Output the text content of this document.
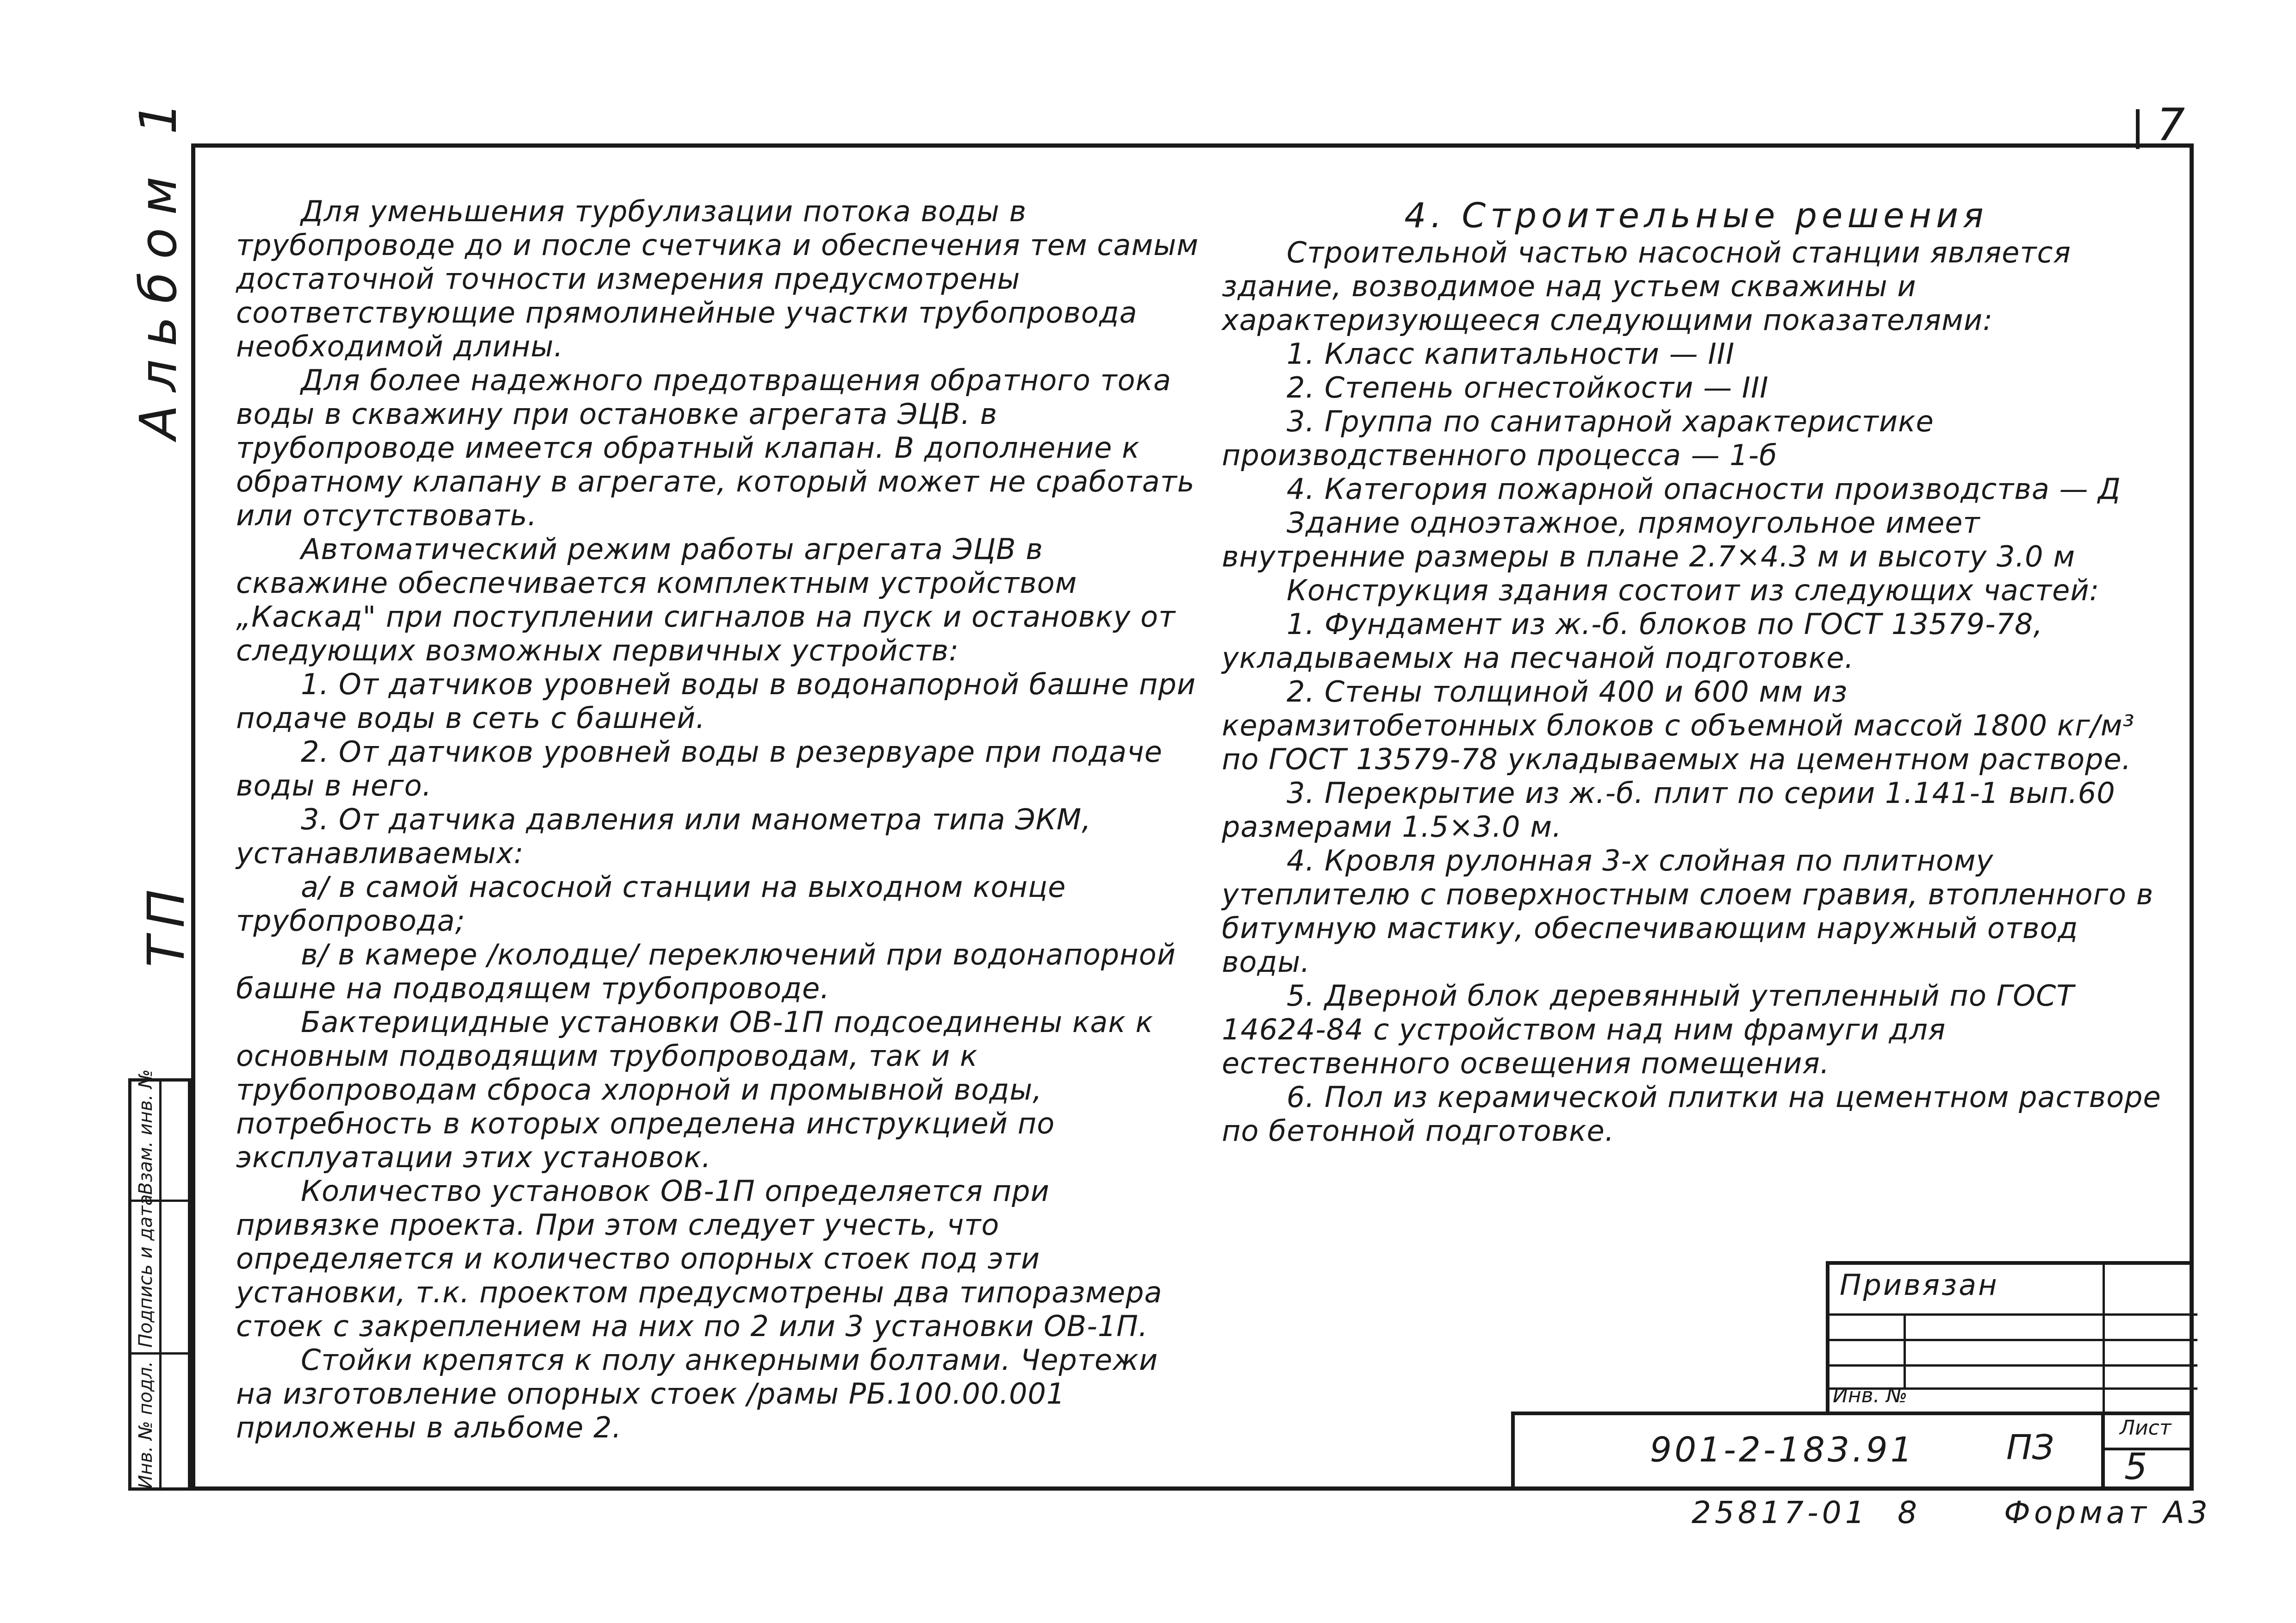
7
Альбом 1
ТП
Инв. № подл.
Подпись и дата
Взам. инв. №

Для уменьшения турбулизации потока воды в трубопроводе до и после счетчика и обеспечения тем самым достаточной точности измерения предусмотрены соответствующие прямолинейные участки трубопровода необходимой длины.

Для более надежного предотвращения обратного тока воды в скважину при остановке агрегата ЭЦВ. в трубопроводе имеется обратный клапан. В дополнение к обратному клапану в агрегате, который может не сработать или отсутствовать.

Автоматический режим работы агрегата ЭЦВ в скважине обеспечивается комплектным устройством „Каскад" при поступлении сигналов на пуск и остановку от следующих возможных первичных устройств:

1. От датчиков уровней воды в водонапорной башне при подаче воды в сеть с башней.

2. От датчиков уровней воды в резервуаре при подаче воды в него.

3. От датчика давления или манометра типа ЭКМ, устанавливаемых:

а/ в самой насосной станции на выходном конце трубопровода;

в/ в камере /колодце/ переключений при водонапорной башне на подводящем трубопроводе.

Бактерицидные установки ОВ-1П подсоединены как к основным подводящим трубопроводам, так и к трубопроводам сброса хлорной и промывной воды, потребность в которых определена инструкцией по эксплуатации этих установок.

Количество установок ОВ-1П определяется при привязке проекта. При этом следует учесть, что определяется и количество опорных стоек под эти установки, т.к. проектом предусмотрены два типоразмера стоек с закреплением на них по 2 или 3 установки ОВ-1П.

Стойки крепятся к полу анкерными болтами. Чертежи на изготовление опорных стоек /рамы РБ.100.00.001 приложены в альбоме 2.

4. Строительные решения

Строительной частью насосной станции является здание, возводимое над устьем скважины и характеризующееся следующими показателями:

1. Класс капитальности — III

2. Степень огнестойкости — III

3. Группа по санитарной характеристике производственного процесса — 1-б

4. Категория пожарной опасности производства — Д

Здание одноэтажное, прямоугольное имеет внутренние размеры в плане 2.7×4.3 м и высоту 3.0 м

Конструкция здания состоит из следующих частей:

1. Фундамент из ж.-б. блоков по ГОСТ 13579-78, укладываемых на песчаной подготовке.

2. Стены толщиной 400 и 600 мм из керамзитобетонных блоков с объемной массой 1800 кг/м³ по ГОСТ 13579-78 укладываемых на цементном растворе.

3. Перекрытие из ж.-б. плит по серии 1.141-1 вып.60 размерами 1.5×3.0 м.

4. Кровля рулонная 3-х слойная по плитному утеплителю с поверхностным слоем гравия, втопленного в битумную мастику, обеспечивающим наружный отвод воды.

5. Дверной блок деревянный утепленный по ГОСТ 14624-84 с устройством над ним фрамуги для естественного освещения помещения.

6. Пол из керамической плитки на цементном растворе по бетонной подготовке.

Привязан
Инв. №
901-2-183.91	ПЗ	Лист
5
25817-01 8	Формат А3
